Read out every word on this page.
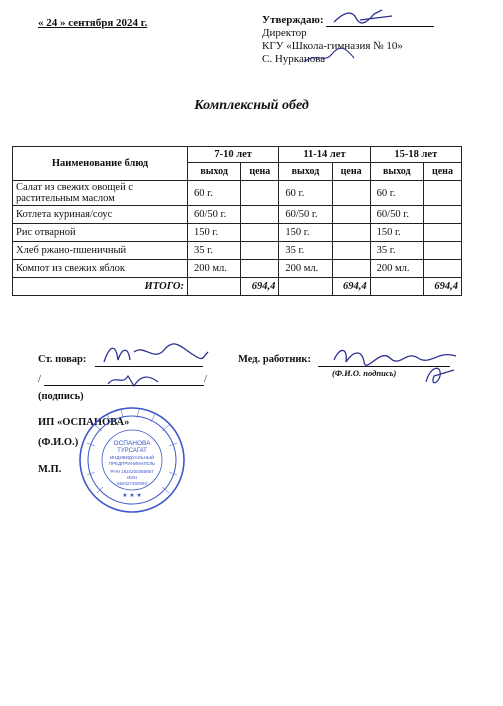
« 24 » сентября 2024 г.	Утверждаю:
Директор
КГУ «Школа-гимназия № 10»
С. Нурканова
Комплексный обед
Наименование блюд	7-10 лет		11-14 лет		15-18 лет	
	выход	цена	выход	цена	выход	цена
Салат из свежих овощей с растительным маслом	60 г.		60 г.		60 г.	
Котлета куриная/соус	60/50 г.		60/50 г.		60/50 г.	
Рис отварной	150 г.		150 г.		150 г.	
Хлеб ржано-пшеничный	35 г.		35 г.		35 г.	
Компот из свежих яблок	200 мл.		200 мл.		200 мл.	
ИТОГО:		694,4		694,4		694,4
Ст. повар:
/	/
(подпись)
ИП «ОСПАНОВА»
(Ф.И.О.)
М.П.
Мед. работник:
(Ф.И.О. подпись)
ОСПАНОВА
ТУРСАГАТ
ИНДИВИДУАЛЬНЫЙ
ПРЕДПРИНИМАТЕЛЬ
РНН 1924200356657
ИИН
550427402093
★ ★ ★
